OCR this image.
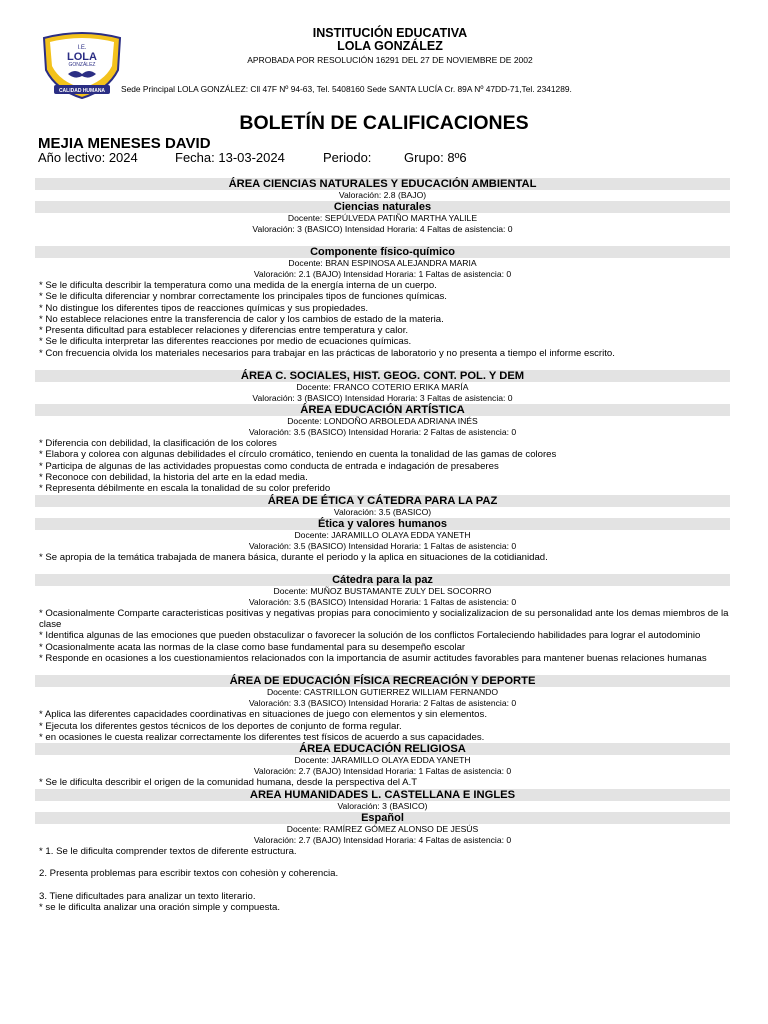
I.E.
LOLA
GONZÁLEZ
CALIDAD HUMANA
INSTITUCIÓN EDUCATIVA
LOLA GONZÁLEZ
APROBADA POR RESOLUCIÓN 16291 DEL 27 DE NOVIEMBRE DE 2002
Sede Principal LOLA GONZÁLEZ: Cll 47F Nº 94-63, Tel. 5408160 Sede SANTA LUCÍA Cr. 89A Nº 47DD-71,Tel. 2341289.
BOLETÍN DE CALIFICACIONES
MEJIA MENESES DAVID
Año lectivo: 2024	Fecha: 13-03-2024	Periodo:	Grupo: 8º6
ÁREA CIENCIAS NATURALES Y EDUCACIÓN AMBIENTAL
Valoración: 2.8 (BAJO)
Ciencias naturales
Docente: SEPÚLVEDA PATIÑO MARTHA YALILE
Valoración: 3 (BASICO) Intensidad Horaria: 4 Faltas de asistencia: 0
Componente físico-químico
Docente: BRAN ESPINOSA ALEJANDRA MARIA
Valoración: 2.1 (BAJO) Intensidad Horaria: 1 Faltas de asistencia: 0

* Se le dificulta describir la temperatura como una medida de la energía interna de un cuerpo.

* Se le dificulta diferenciar y nombrar correctamente los principales tipos de funciones químicas.

* No distingue los diferentes tipos de reacciones químicas y sus propiedades.

* No establece relaciones entre la transferencia de calor y los cambios de estado de la materia.

* Presenta dificultad para establecer relaciones y diferencias entre temperatura y calor.

* Se le dificulta interpretar las diferentes reacciones por medio de ecuaciones químicas.

* Con frecuencia olvida los materiales necesarios para trabajar en las prácticas de laboratorio y no presenta a tiempo el informe escrito.

ÁREA C. SOCIALES, HIST. GEOG. CONT. POL. Y DEM
Docente: FRANCO COTERIO ERIKA MARÍA
Valoración: 3 (BASICO) Intensidad Horaria: 3 Faltas de asistencia: 0
ÁREA EDUCACIÓN ARTÍSTICA
Docente: LONDOÑO ARBOLEDA ADRIANA INÉS
Valoración: 3.5 (BASICO) Intensidad Horaria: 2 Faltas de asistencia: 0

* Diferencia con debilidad, la clasificación de los colores

* Elabora y colorea con algunas debilidades el círculo cromático, teniendo en cuenta la tonalidad de las gamas de colores

* Participa de algunas de las actividades propuestas como conducta de entrada e indagación de presaberes

* Reconoce con debilidad, la historia del arte en la edad media.

* Representa débilmente en escala la tonalidad de su color preferido

ÁREA DE ÉTICA Y CÁTEDRA PARA LA PAZ
Valoración: 3.5 (BASICO)
Ética y valores humanos
Docente: JARAMILLO OLAYA EDDA YANETH
Valoración: 3.5 (BASICO) Intensidad Horaria: 1 Faltas de asistencia: 0

* Se apropia de la temática trabajada de manera básica, durante el periodo y la aplica en situaciones de la cotidianidad.

Cátedra para la paz
Docente: MUÑOZ BUSTAMANTE ZULY DEL SOCORRO
Valoración: 3.5 (BASICO) Intensidad Horaria: 1 Faltas de asistencia: 0

* Ocasionalmente Comparte caracteristicas positivas y negativas propias para conocimiento y socializalizacion de su personalidad ante los demas miembros de la clase

* Identifica algunas de las emociones que pueden obstaculizar o favorecer la solución de los conflictos Fortaleciendo habilidades para lograr el autodominio

* Ocasionalmente acata las normas de la clase como base fundamental para su desempeño escolar

* Responde en ocasiones a los cuestionamientos relacionados con la importancia de asumir actitudes favorables para mantener buenas relaciones humanas

ÁREA DE EDUCACIÓN FÍSICA RECREACIÓN Y DEPORTE
Docente: CASTRILLON GUTIERREZ WILLIAM FERNANDO
Valoración: 3.3 (BASICO) Intensidad Horaria: 2 Faltas de asistencia: 0

* Aplica las diferentes capacidades coordinativas en situaciones de juego con elementos y sin elementos.

* Ejecuta los diferentes gestos técnicos de los deportes de conjunto de forma regular.

* en ocasiones le cuesta realizar correctamente los diferentes test físicos de acuerdo a sus capacidades.

ÁREA EDUCACIÓN RELIGIOSA
Docente: JARAMILLO OLAYA EDDA YANETH
Valoración: 2.7 (BAJO) Intensidad Horaria: 1 Faltas de asistencia: 0

* Se le dificulta describir el origen de la comunidad humana, desde la perspectiva del A.T

AREA HUMANIDADES L. CASTELLANA E INGLES
Valoración: 3 (BASICO)
Español
Docente: RAMÍREZ GÓMEZ ALONSO DE JESÚS
Valoración: 2.7 (BAJO) Intensidad Horaria: 4 Faltas de asistencia: 0

* 1. Se le dificulta comprender textos de diferente estructura.

2. Presenta problemas para escribir textos con cohesiòn y coherencia.

3. Tiene dificultades para analizar un texto literario.

* se le dificulta analizar una oración simple y compuesta.
